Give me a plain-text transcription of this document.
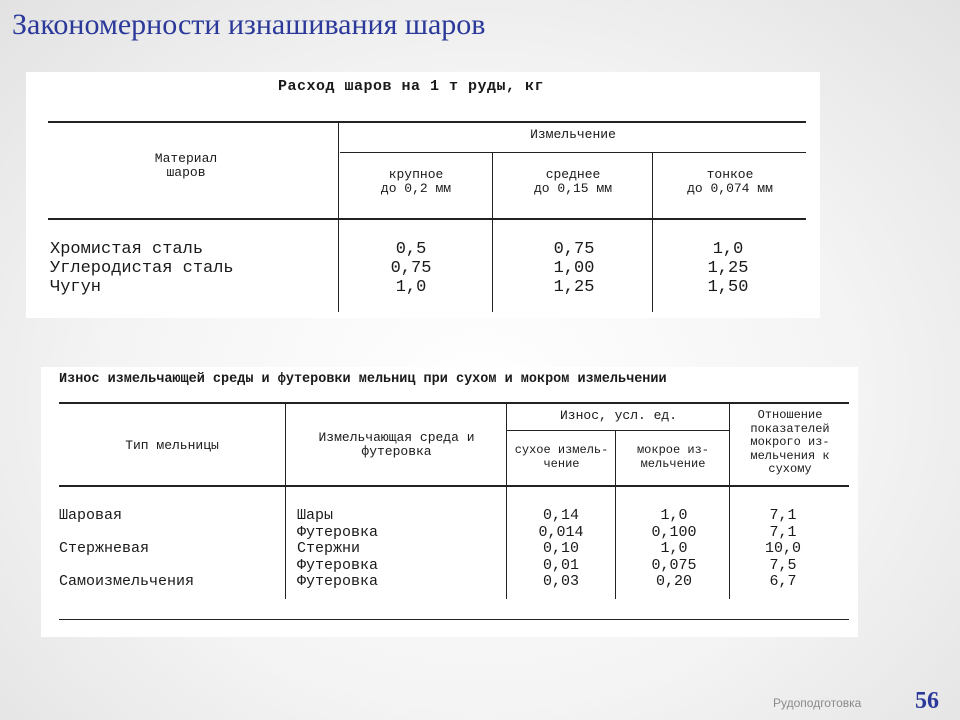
Закономерности изнашивания шаров
Расход шаров на 1 т руды, кг
Материал
шаров
Измельчение
крупное
до 0,2 мм
среднее
до 0,15 мм
тонкое
до 0,074 мм
Хромистая сталь
Углеродистая сталь
Чугун
0,5
0,75
1,0
0,75
1,00
1,25
1,0
1,25
1,50
Износ измельчающей среды и футеровки мельниц при сухом и мокром измельчении
Тип мельницы
Измельчающая среда и
футеровка
Износ, усл. ед.
сухое измель-
чение
мокрое из-
мельчение
Отношение
показателей
мокрого из-
мельчения к
сухому
Шаровая
Стержневая
Самоизмельчения
Шары
Футеровка
Стержни
Футеровка
Футеровка
0,14
0,014
0,10
0,01
0,03
1,0
0,100
1,0
0,075
0,20
7,1
7,1
10,0
7,5
6,7
Рудоподготовка 56
